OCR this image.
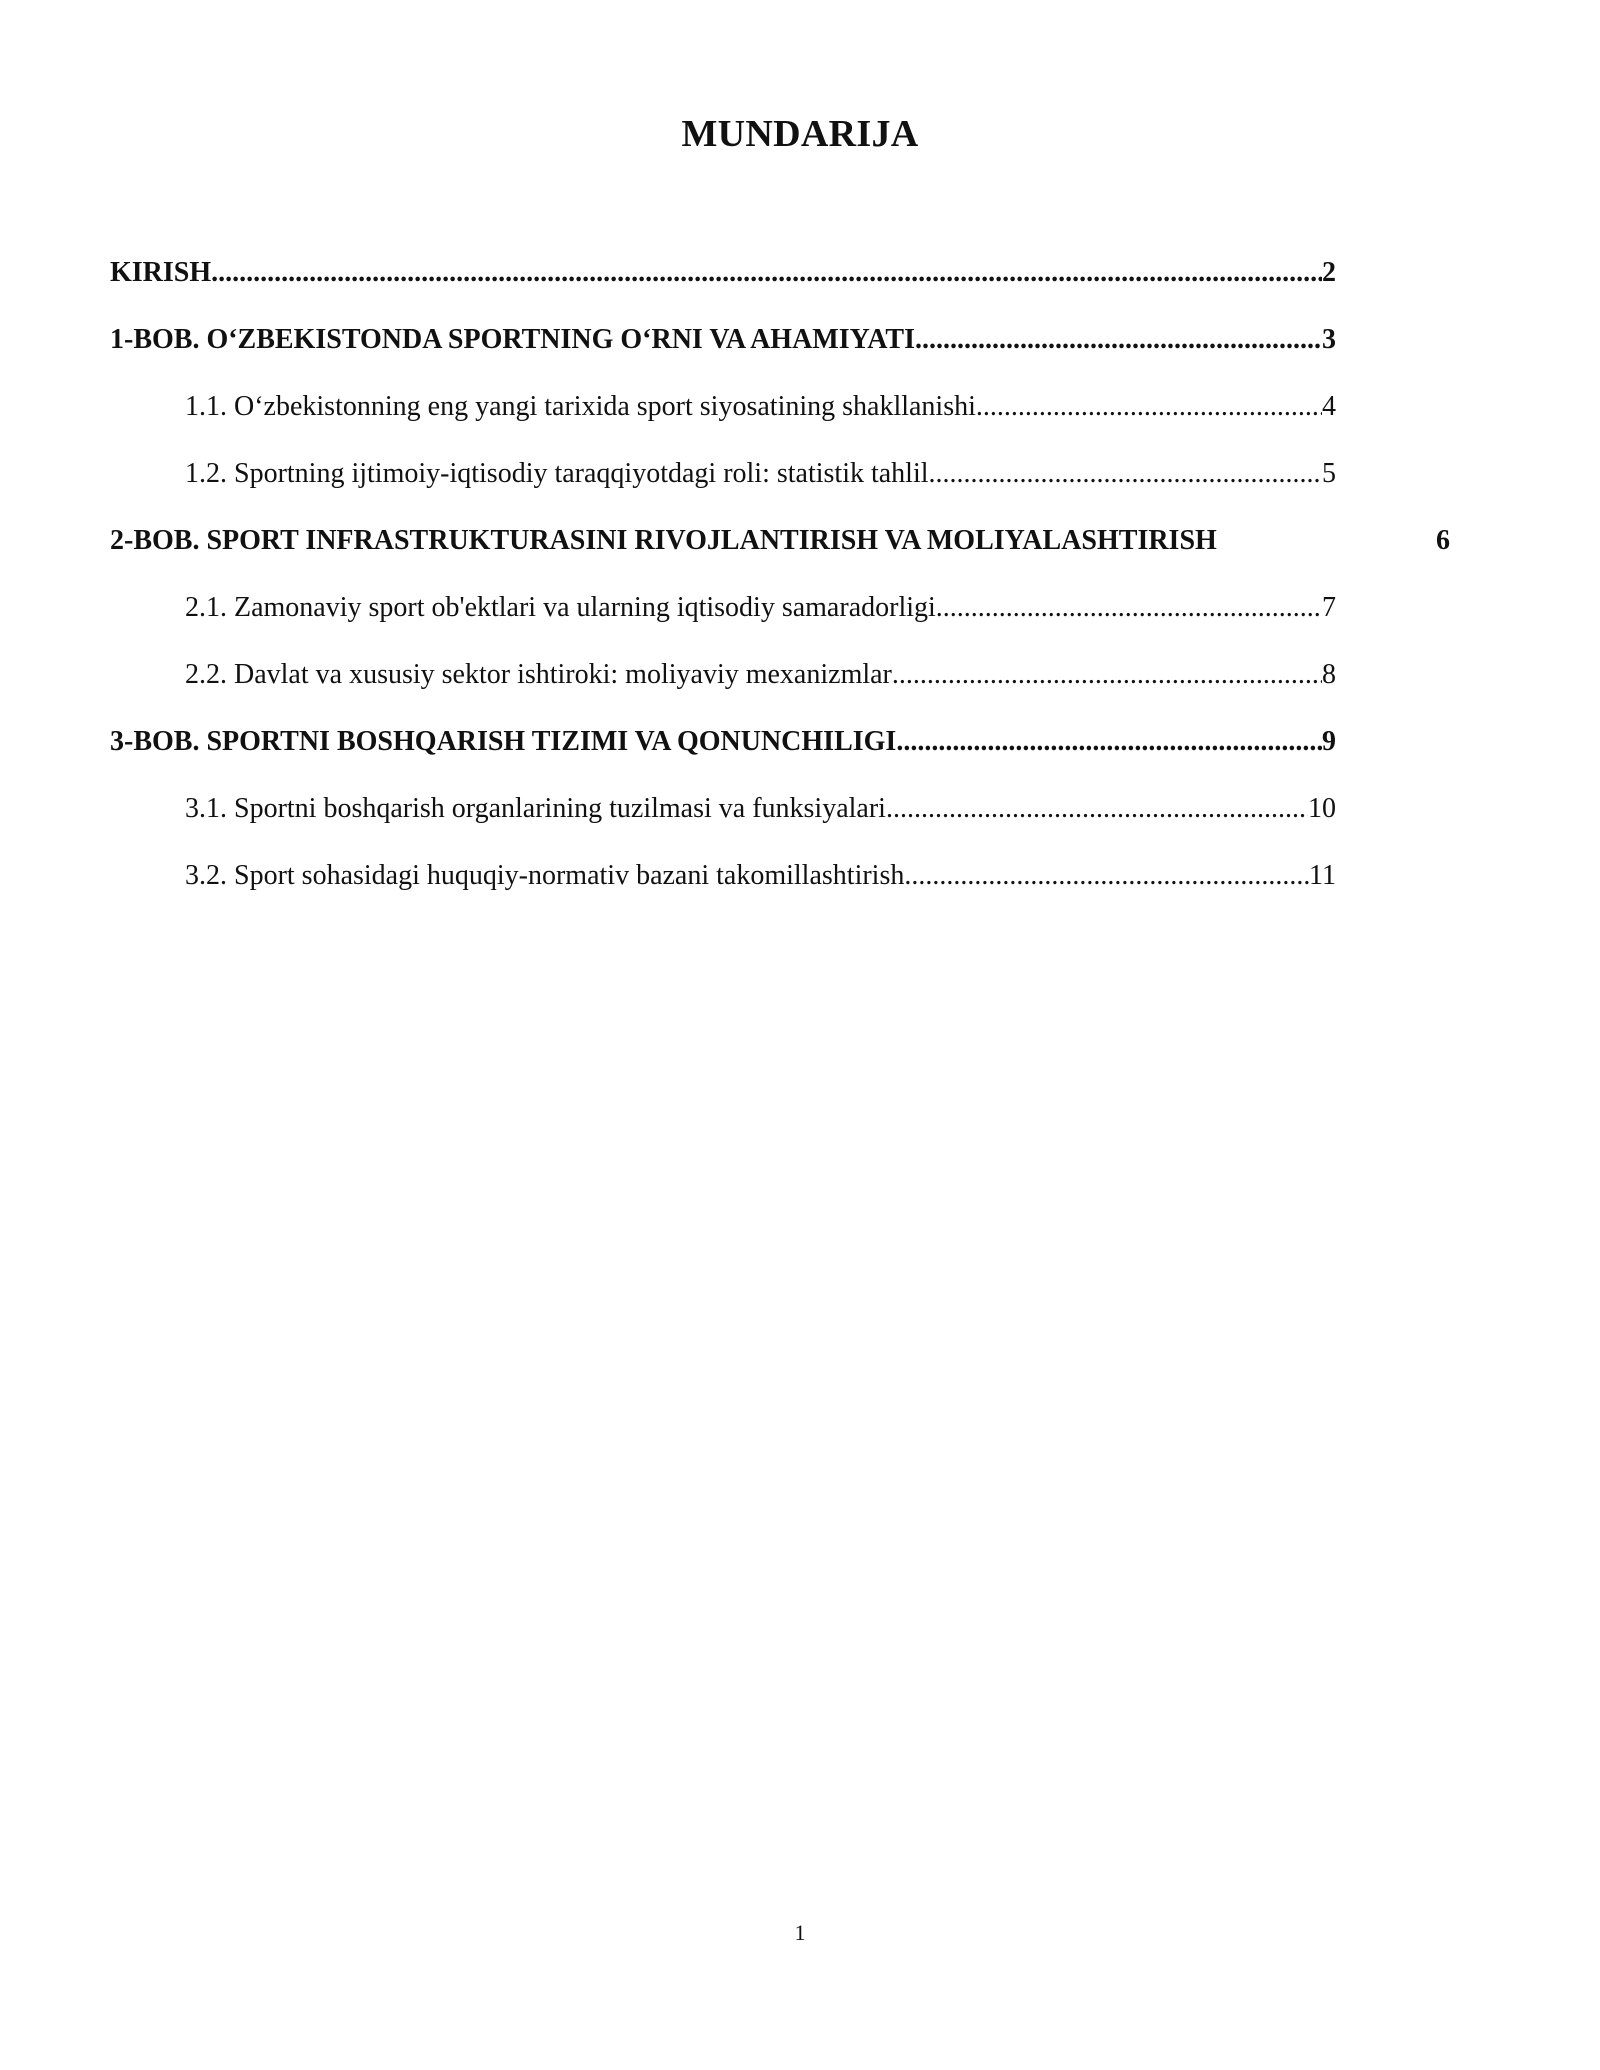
MUNDARIJA
KIRISH .....	2
1-BOB. O‘ZBEKISTONDA SPORTNING O‘RNI VA AHAMIYATI .....	3
1.1. O‘zbekistonning eng yangi tarixida sport siyosatining shakllanishi .....	4
1.2. Sportning ijtimoiy-iqtisodiy taraqqiyotdagi roli: statistik tahlil .....	5
2-BOB. SPORT INFRASTRUKTURASINI RIVOJLANTIRISH VA MOLIYALASHTIRISH	6
2.1. Zamonaviy sport ob'ektlari va ularning iqtisodiy samaradorligi .....	7
2.2. Davlat va xususiy sektor ishtiroki: moliyaviy mexanizmlar .....	8
3-BOB. SPORTNI BOSHQARISH TIZIMI VA QONUNCHILIGI .....	9
3.1. Sportni boshqarish organlarining tuzilmasi va funksiyalari .....	10
3.2. Sport sohasidagi huquqiy-normativ bazani takomillashtirish .....	11
1
